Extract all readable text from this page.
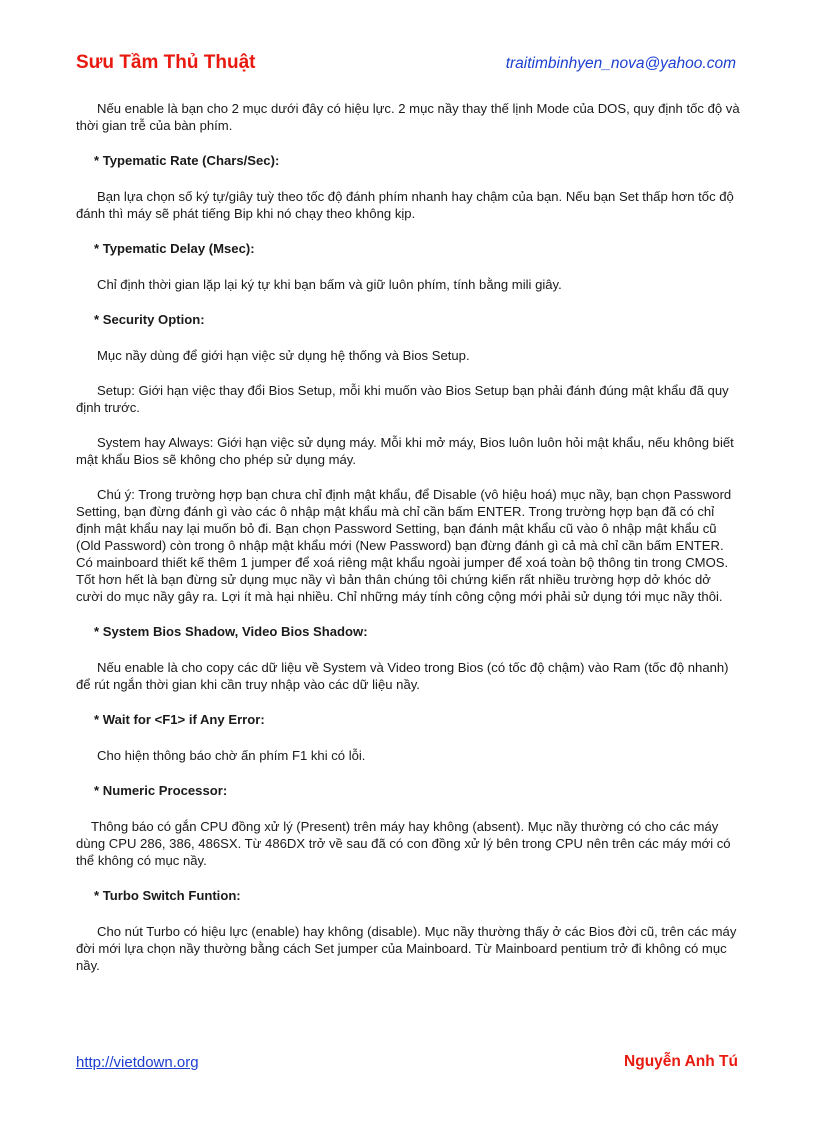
Sưu Tầm Thủ Thuật	traitimbinhyen_nova@yahoo.com

Nếu enable là bạn cho 2 mục dưới đây có hiệu lực. 2 mục nầy thay thế lịnh Mode của DOS, quy định tốc độ và thời gian trễ của bàn phím.

* Typematic Rate (Chars/Sec):

Bạn lựa chọn số ký tự/giây tuỳ theo tốc độ đánh phím nhanh hay chậm của bạn. Nếu bạn Set thấp hơn tốc độ đánh thì máy sẽ phát tiếng Bip khi nó chạy theo không kịp.

* Typematic Delay (Msec):

Chỉ định thời gian lặp lại ký tự khi bạn bấm và giữ luôn phím, tính bằng mili giây.

* Security Option:

Mục nầy dùng để giới hạn việc sử dụng hệ thống và Bios Setup.

Setup: Giới hạn việc thay đổi Bios Setup, mỗi khi muốn vào Bios Setup bạn phải đánh đúng mật khẩu đã quy định trước.

System hay Always: Giới hạn việc sử dụng máy. Mỗi khi mở máy, Bios luôn luôn hỏi mật khẩu, nếu không biết mật khẩu Bios sẽ không cho phép sử dụng máy.

Chú ý: Trong trường hợp bạn chưa chỉ định mật khẩu, để Disable (vô hiệu hoá) mục nầy, bạn chọn Password Setting, bạn đừng đánh gì vào các ô nhập mật khẩu mà chỉ cần bấm ENTER. Trong trường hợp bạn đã có chỉ định mật khẩu nay lại muốn bỏ đi. Bạn chọn Password Setting, bạn đánh mật khẩu cũ vào ô nhập mật khẩu cũ (Old Password) còn trong ô nhập mật khẩu mới (New Password) bạn đừng đánh gì cả mà chỉ cần bấm ENTER. Có mainboard thiết kế thêm 1 jumper để xoá riêng mật khẩu ngoài jumper để xoá toàn bộ thông tin trong CMOS. Tốt hơn hết là bạn đừng sử dụng mục nầy vì bản thân chúng tôi chứng kiến rất nhiều trường hợp dở khóc dở cười do mục nầy gây ra. Lợi ít mà hại nhiều. Chỉ những máy tính công cộng mới phải sử dụng tới mục nầy thôi.

* System Bios Shadow, Video Bios Shadow:

Nếu enable là cho copy các dữ liệu về System và Video trong Bios (có tốc độ chậm) vào Ram (tốc độ nhanh) để rút ngắn thời gian khi cần truy nhập vào các dữ liệu nầy.

* Wait for <F1> if Any Error:

Cho hiện thông báo chờ ấn phím F1 khi có lỗi.

* Numeric Processor:

Thông báo có gắn CPU đồng xử lý (Present) trên máy hay không (absent). Mục nầy thường có cho các máy dùng CPU 286, 386, 486SX. Từ 486DX trở về sau đã có con đồng xử lý bên trong CPU nên trên các máy mới có thể không có mục nầy.

* Turbo Switch Funtion:

Cho nút Turbo có hiệu lực (enable) hay không (disable). Mục nầy thường thấy ở các Bios đời cũ, trên các máy đời mới lựa chọn nầy thường bằng cách Set jumper của Mainboard. Từ Mainboard pentium trở đi không có mục nầy.

http://vietdown.org	Nguyễn Anh Tú
